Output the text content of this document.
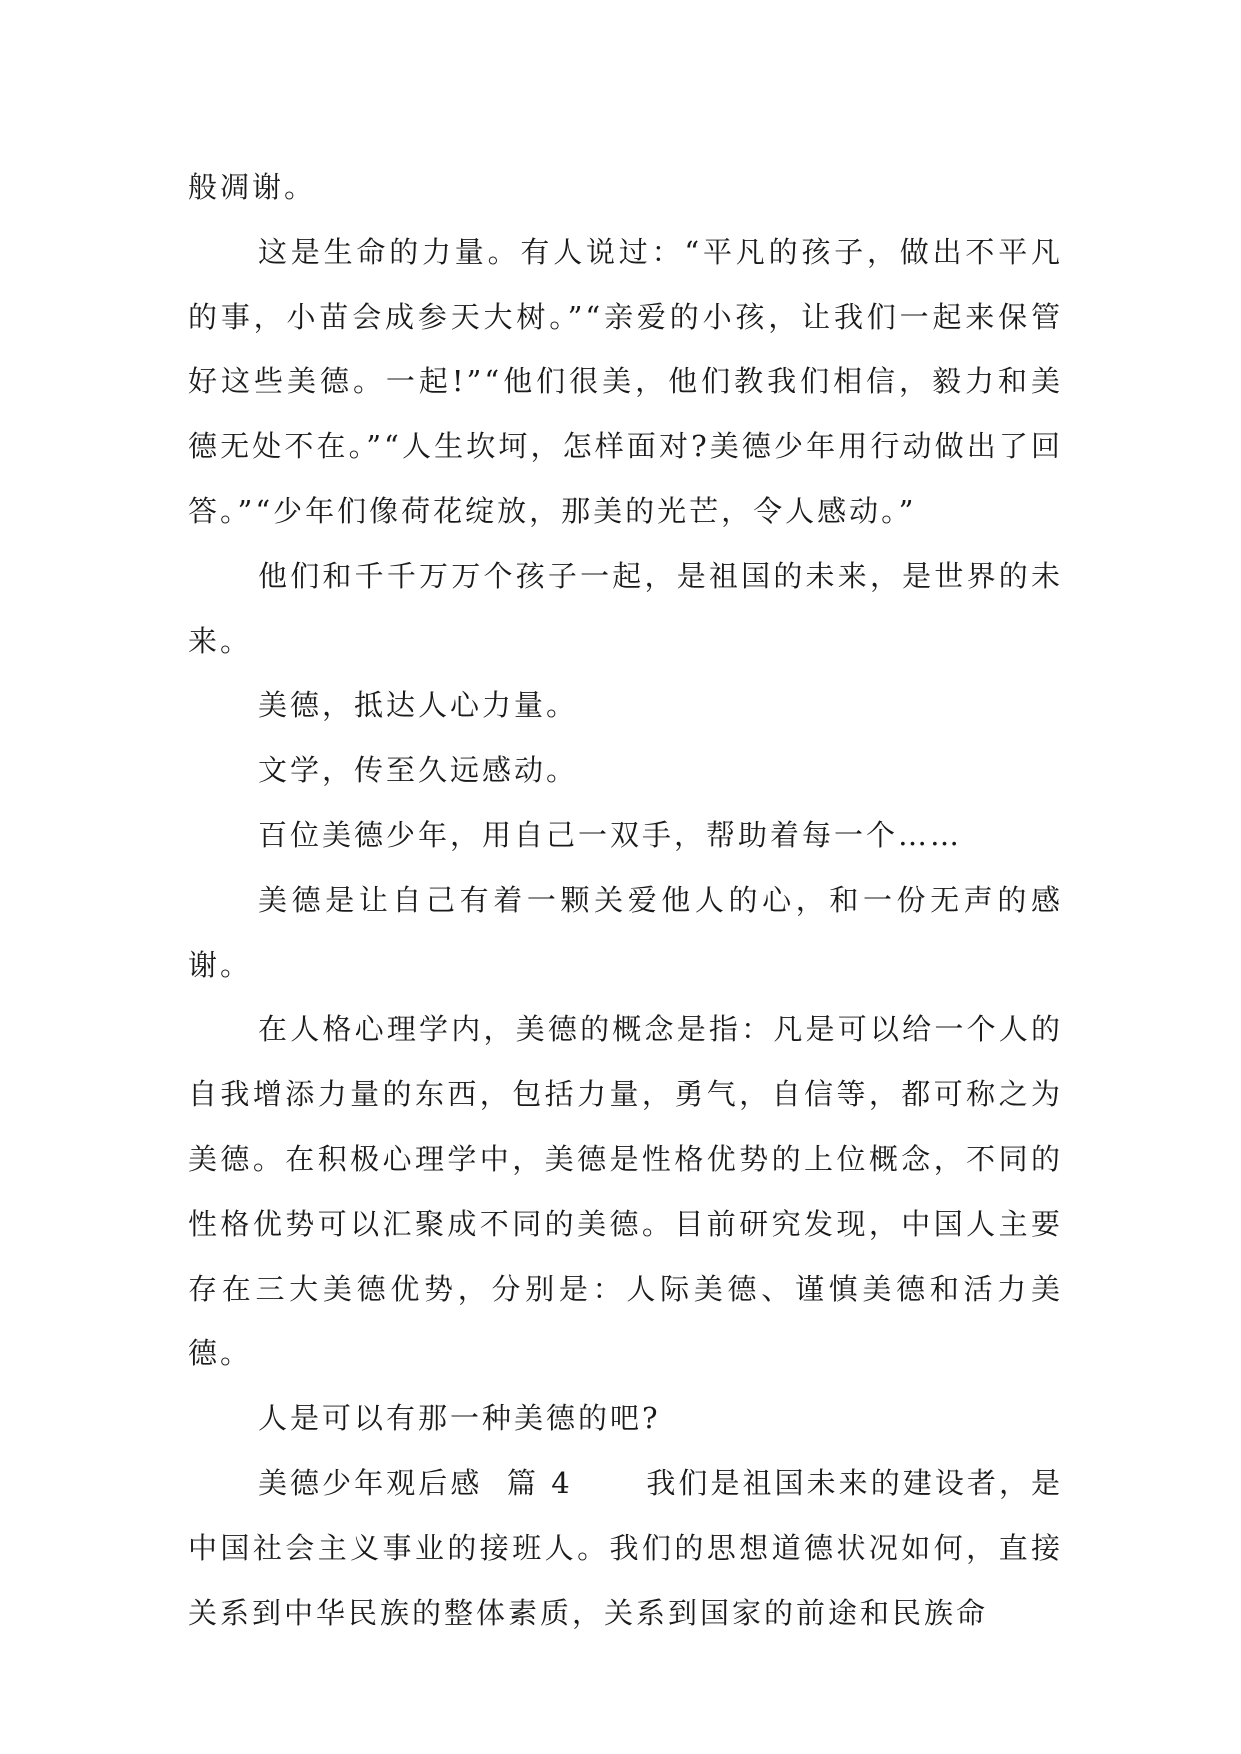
般凋谢。

这是生命的力量。有人说过：“平凡的孩子，做出不平凡的事，小苗会成参天大树。”“亲爱的小孩，让我们一起来保管好这些美德。一起!”“他们很美，他们教我们相信，毅力和美德无处不在。”“人生坎坷，怎样面对?美德少年用行动做出了回答。”“少年们像荷花绽放，那美的光芒，令人感动。”

他们和千千万万个孩子一起，是祖国的未来，是世界的未来。

美德，抵达人心力量。

文学，传至久远感动。

百位美德少年，用自己一双手，帮助着每一个……

美德是让自己有着一颗关爱他人的心，和一份无声的感谢。

在人格心理学内，美德的概念是指：凡是可以给一个人的自我增添力量的东西，包括力量，勇气，自信等，都可称之为美德。在积极心理学中，美德是性格优势的上位概念，不同的性格优势可以汇聚成不同的美德。目前研究发现，中国人主要存在三大美德优势，分别是：人际美德、谨慎美德和活力美德。

人是可以有那一种美德的吧?

美德少年观后感  篇 4      我们是祖国未来的建设者，是中国社会主义事业的接班人。我们的思想道德状况如何，直接关系到中华民族的整体素质，关系到国家的前途和民族命
